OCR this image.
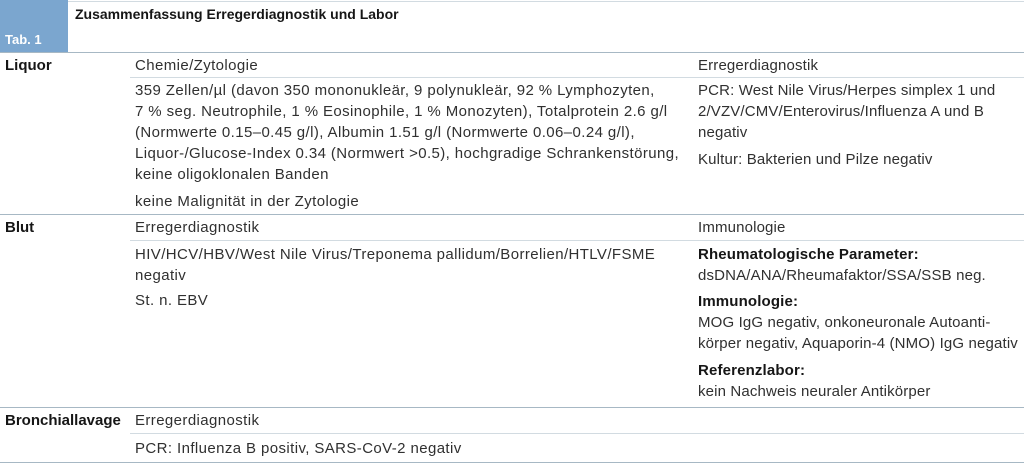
Tab. 1
Zusammenfassung Erregerdiagnostik und Labor
Liquor	Chemie/Zytologie
359 Zellen/µl (davon 350 mononukleär, 9 polynukleär, 92 % Lymphozyten,
7 % seg. Neutrophile, 1 % Eosinophile, 1 % Monozyten), Totalprotein 2.6 g/l
(Normwerte 0.15–0.45 g/l), Albumin 1.51 g/l (Normwerte 0.06–0.24 g/l),
Liquor-/Glucose-Index 0.34 (Normwert >0.5), hochgradige Schrankenstörung,
keine oligoklonalen Banden
keine Malignität in der Zytologie
Erregerdiagnostik
PCR: West Nile Virus/Herpes simplex 1 und
2/VZV/CMV/Enterovirus/Influenza A und B
negativ
Kultur: Bakterien und Pilze negativ
Blut	Erregerdiagnostik
HIV/HCV/HBV/West Nile Virus/Treponema pallidum/Borrelien/HTLV/FSME
negativ
St. n. EBV
Immunologie
Rheumatologische Parameter:
dsDNA/ANA/Rheumafaktor/SSA/SSB neg.
Immunologie:
MOG IgG negativ, onkoneuronale Autoanti-
körper negativ, Aquaporin-4 (NMO) IgG negativ
Referenzlabor:
kein Nachweis neuraler Antikörper
Bronchiallavage Erregerdiagnostik
PCR: Influenza B positiv, SARS-CoV-2 negativ
